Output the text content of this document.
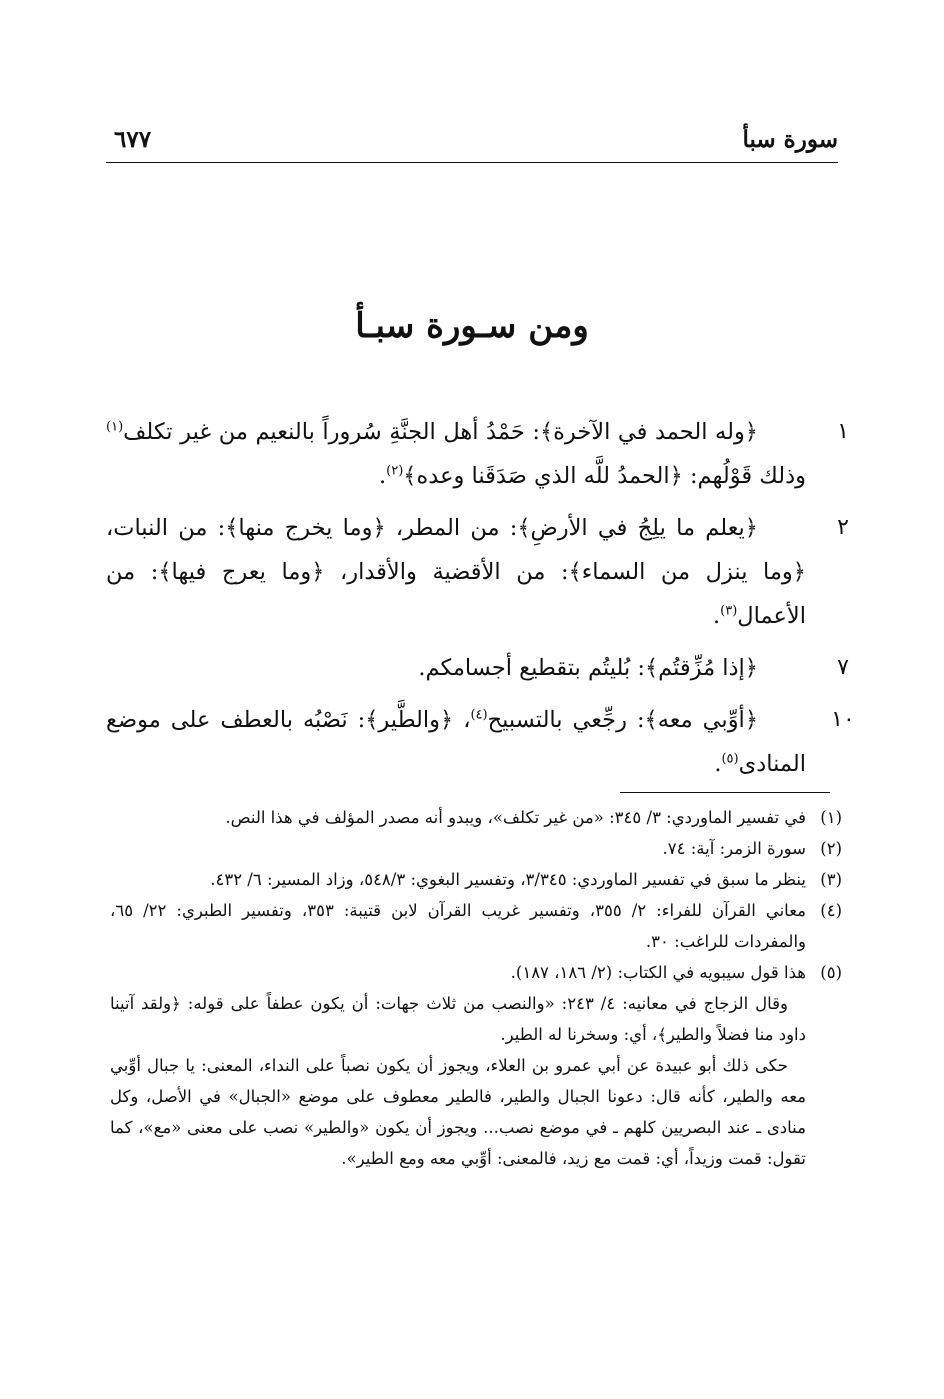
سورة سبأ
٦٧٧
ومن سـورة سبـأ
١
﴿وله الحمد في الآخرة﴾: حَمْدُ أهل الجنَّةِ سُروراً بالنعيم من غير تكلف$^{(١)}$ وذلك قَوْلُهم: ﴿الحمدُ للَّه الذي صَدَقَنا وعده﴾$^{(٢)}$.
٢
﴿يعلم ما يلِجُ في الأرضِ﴾: من المطر، ﴿وما يخرج منها﴾: من النبات، ﴿وما ينزل من السماء﴾: من الأقضية والأقدار، ﴿وما يعرج فيها﴾: من الأعمال$^{(٣)}$.
٧
﴿إذا مُزِّقتُم﴾: بُليتُم بتقطيع أجسامكم.
١٠
﴿أوِّبي معه﴾: رجِّعي بالتسبيح$^{(٤)}$، ﴿والطَّير﴾: نَصْبُه بالعطف على موضع المنادى$^{(٥)}$.
(١)
في تفسير الماوردي: ٣/ ٣٤٥: «من غير تكلف»، ويبدو أنه مصدر المؤلف في هذا النص.
(٢)
سورة الزمر: آية: ٧٤.
(٣)
ينظر ما سبق في تفسير الماوردي: ٣/٣٤٥، وتفسير البغوي: ٥٤٨/٣، وزاد المسير: ٦/ ٤٣٢.
(٤)
معاني القرآن للفراء: ٢/ ٣٥٥، وتفسير غريب القرآن لابن قتيبة: ٣٥٣، وتفسير الطبري: ٢٢/ ٦٥، والمفردات للراغب: ٣٠.
(٥)
هذا قول سيبويه في الكتاب: (٢/ ١٨٦، ١٨٧).
وقال الزجاج في معانيه: ٤/ ٢٤٣: «والنصب من ثلاث جهات: أن يكون عطفاً على قوله: ﴿ولقد آتينا داود منا فضلاً والطير﴾، أي: وسخرنا له الطير.
حكى ذلك أبو عبيدة عن أبي عمرو بن العلاء، ويجوز أن يكون نصباً على النداء، المعنى: يا جبال أوِّبي معه والطير، كأنه قال: دعونا الجبال والطير، فالطير معطوف على موضع «الجبال» في الأصل، وكل منادى ـ عند البصريين كلهم ـ في موضع نصب... ويجوز أن يكون «والطير» نصب على معنى «مع»، كما تقول: قمت وزيداً، أي: قمت مع زيد، فالمعنى: أوِّبي معه ومع الطير».
